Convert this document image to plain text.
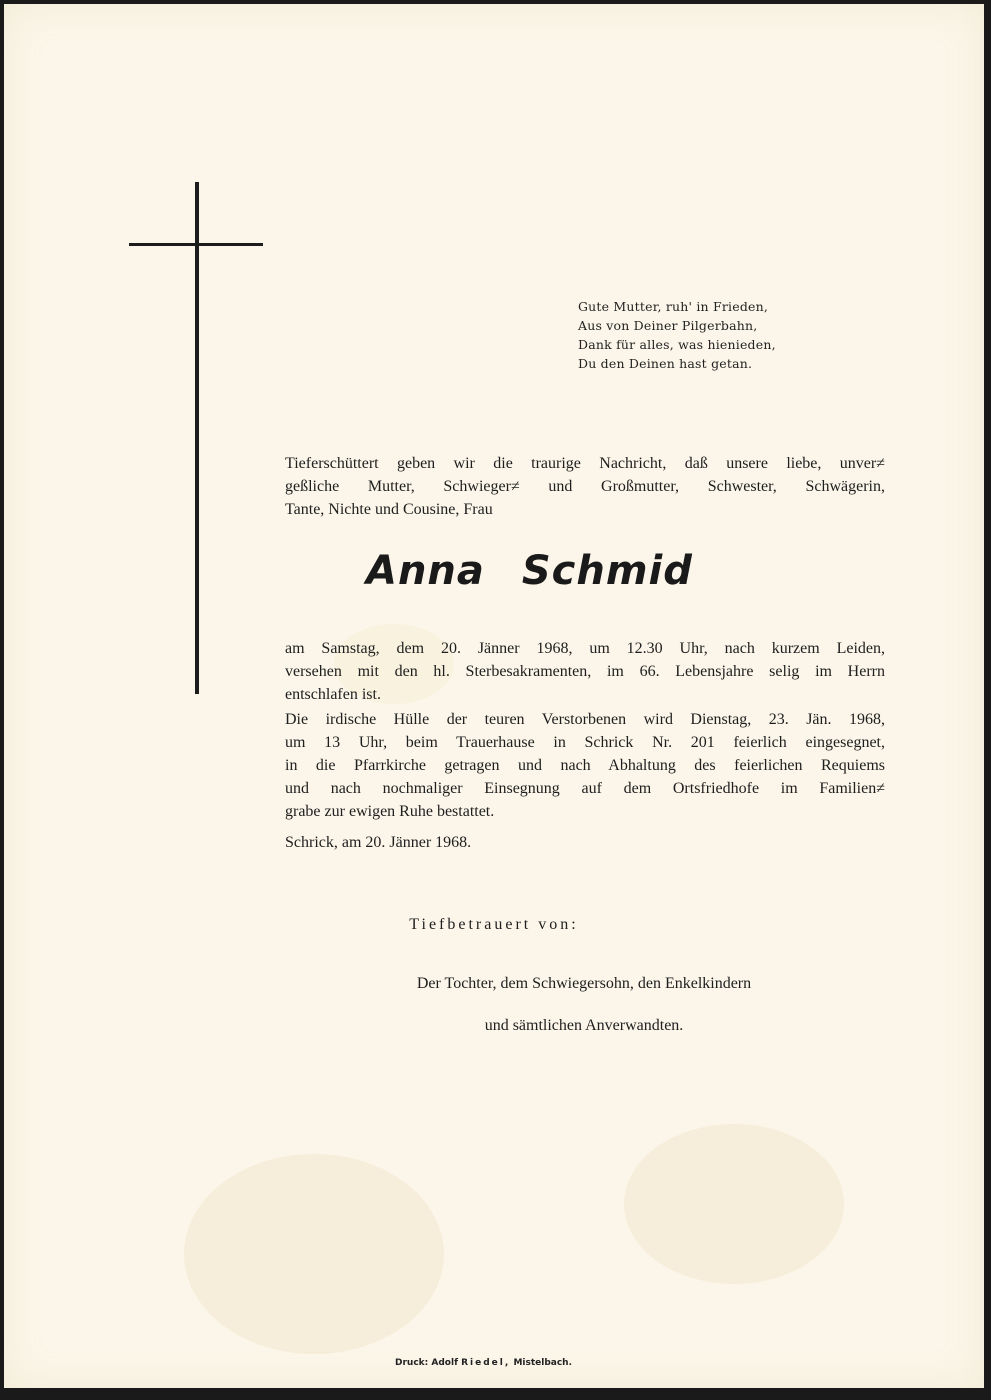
Gute Mutter, ruh' in Frieden,
Aus von Deiner Pilgerbahn,
Dank für alles, was hienieden,
Du den Deinen hast getan.
Tieferschüttert geben wir die traurige Nachricht, daß unsere liebe, unver≠
geßliche Mutter, Schwieger≠ und Großmutter, Schwester, Schwägerin,
Tante, Nichte und Cousine, Frau
Anna Schmid
am Samstag, dem 20. Jänner 1968, um 12.30 Uhr, nach kurzem Leiden,
versehen mit den hl. Sterbesakramenten, im 66. Lebensjahre selig im Herrn
entschlafen ist.
Die irdische Hülle der teuren Verstorbenen wird Dienstag, 23. Jän. 1968,
um 13 Uhr, beim Trauerhause in Schrick Nr. 201 feierlich eingesegnet,
in die Pfarrkirche getragen und nach Abhaltung des feierlichen Requiems
und nach nochmaliger Einsegnung auf dem Ortsfriedhofe im Familien≠
grabe zur ewigen Ruhe bestattet.
Schrick, am 20. Jänner 1968.
Tiefbetrauert von:
Der Tochter, dem Schwiegersohn, den Enkelkindern
und sämtlichen Anverwandten.
Druck: Adolf Riedel, Mistelbach.
